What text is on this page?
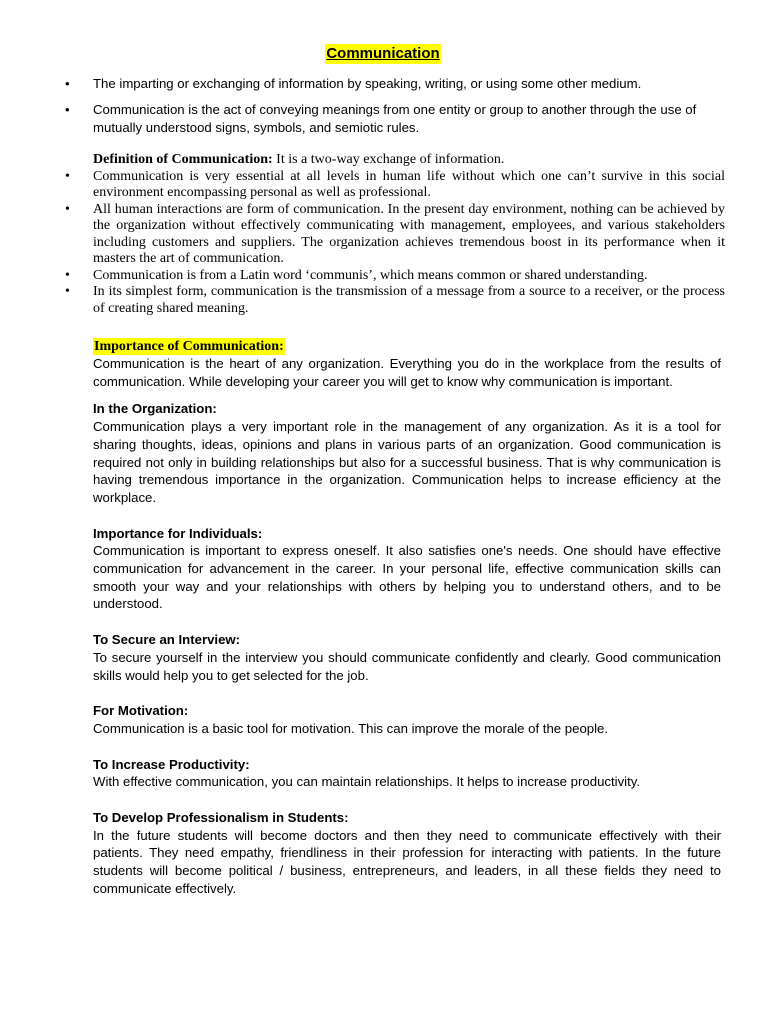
Communication
•	The imparting or exchanging of information by speaking, writing, or using some other medium.
•	Communication is the act of conveying meanings from one entity or group to another through the use of mutually understood signs, symbols, and semiotic rules.
Definition of Communication: It is a two-way exchange of information.
•	Communication is very essential at all levels in human life without which one can’t survive in this social environment encompassing personal as well as professional.
•	All human interactions are form of communication. In the present day environment, nothing can be achieved by the organization without effectively communicating with management, employees, and various stakeholders including customers and suppliers. The organization achieves tremendous boost in its performance when it masters the art of communication.
•	Communication is from a Latin word ‘communis’, which means common or shared understanding.
•	In its simplest form, communication is the transmission of a message from a source to a receiver, or the process of creating shared meaning.
Importance of Communication:
Communication is the heart of any organization. Everything you do in the workplace from the results of communication. While developing your career you will get to know why communication is important.
In the Organization:
Communication plays a very important role in the management of any organization. As it is a tool for sharing thoughts, ideas, opinions and plans in various parts of an organization. Good communication is required not only in building relationships but also for a successful business. That is why communication is having tremendous importance in the organization. Communication helps to increase efficiency at the workplace.
Importance for Individuals:
Communication is important to express oneself. It also satisfies one's needs. One should have effective communication for advancement in the career. In your personal life, effective communication skills can smooth your way and your relationships with others by helping you to understand others, and to be understood.
To Secure an Interview:
To secure yourself in the interview you should communicate confidently and clearly. Good communication skills would help you to get selected for the job.
For Motivation:
Communication is a basic tool for motivation. This can improve the morale of the people.
To Increase Productivity:
With effective communication, you can maintain relationships. It helps to increase productivity.
To Develop Professionalism in Students:
In the future students will become doctors and then they need to communicate effectively with their patients. They need empathy, friendliness in their profession for interacting with patients. In the future students will become political / business, entrepreneurs, and leaders, in all these fields they need to communicate effectively.
